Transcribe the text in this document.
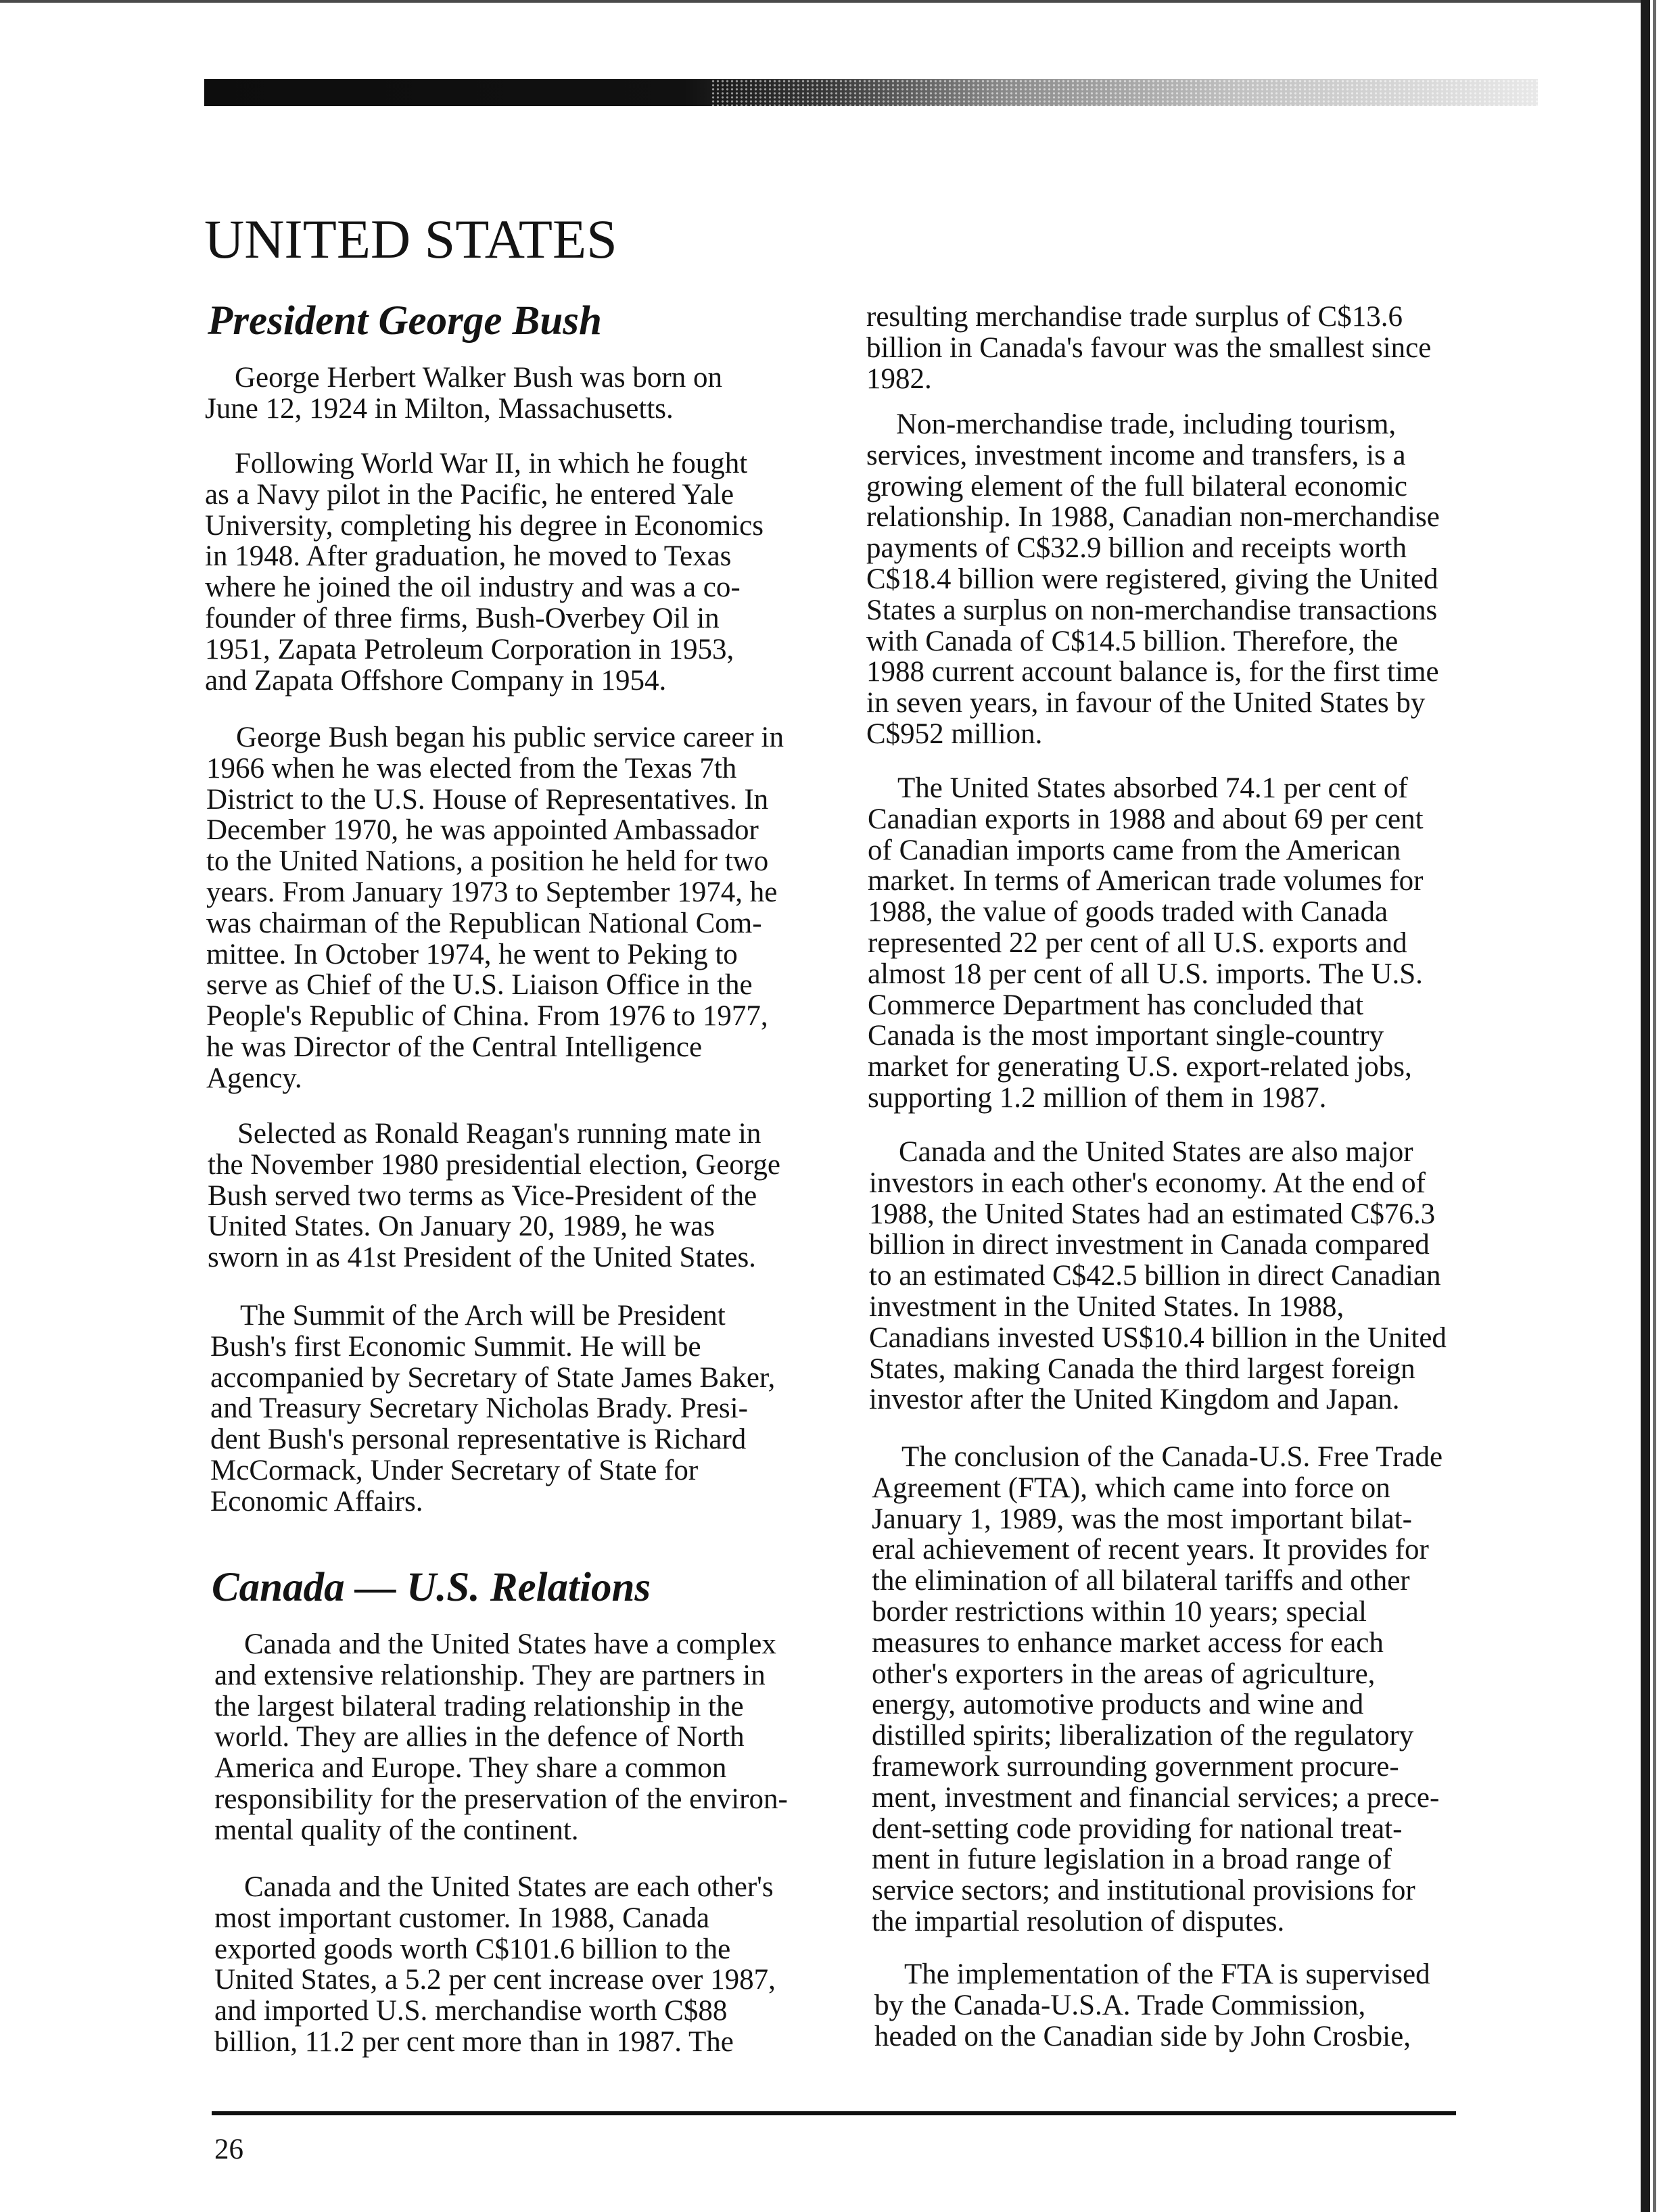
UNITED STATES
President George Bush
George Herbert Walker Bush was born on
June 12, 1924 in Milton, Massachusetts.
Following World War II, in which he fought
as a Navy pilot in the Pacific, he entered Yale
University, completing his degree in Economics
in 1948. After graduation, he moved to Texas
where he joined the oil industry and was a co-
founder of three firms, Bush-Overbey Oil in
1951, Zapata Petroleum Corporation in 1953,
and Zapata Offshore Company in 1954.
George Bush began his public service career in
1966 when he was elected from the Texas 7th
District to the U.S. House of Representatives. In
December 1970, he was appointed Ambassador
to the United Nations, a position he held for two
years. From January 1973 to September 1974, he
was chairman of the Republican National Com-
mittee. In October 1974, he went to Peking to
serve as Chief of the U.S. Liaison Office in the
People's Republic of China. From 1976 to 1977,
he was Director of the Central Intelligence
Agency.
Selected as Ronald Reagan's running mate in
the November 1980 presidential election, George
Bush served two terms as Vice-President of the
United States. On January 20, 1989, he was
sworn in as 41st President of the United States.
The Summit of the Arch will be President
Bush's first Economic Summit. He will be
accompanied by Secretary of State James Baker,
and Treasury Secretary Nicholas Brady. Presi-
dent Bush's personal representative is Richard
McCormack, Under Secretary of State for
Economic Affairs.
Canada — U.S. Relations
Canada and the United States have a complex
and extensive relationship. They are partners in
the largest bilateral trading relationship in the
world. They are allies in the defence of North
America and Europe. They share a common
responsibility for the preservation of the environ-
mental quality of the continent.
Canada and the United States are each other's
most important customer. In 1988, Canada
exported goods worth C$101.6 billion to the
United States, a 5.2 per cent increase over 1987,
and imported U.S. merchandise worth C$88
billion, 11.2 per cent more than in 1987. The
resulting merchandise trade surplus of C$13.6
billion in Canada's favour was the smallest since
1982.
Non-merchandise trade, including tourism,
services, investment income and transfers, is a
growing element of the full bilateral economic
relationship. In 1988, Canadian non-merchandise
payments of C$32.9 billion and receipts worth
C$18.4 billion were registered, giving the United
States a surplus on non-merchandise transactions
with Canada of C$14.5 billion. Therefore, the
1988 current account balance is, for the first time
in seven years, in favour of the United States by
C$952 million.
The United States absorbed 74.1 per cent of
Canadian exports in 1988 and about 69 per cent
of Canadian imports came from the American
market. In terms of American trade volumes for
1988, the value of goods traded with Canada
represented 22 per cent of all U.S. exports and
almost 18 per cent of all U.S. imports. The U.S.
Commerce Department has concluded that
Canada is the most important single-country
market for generating U.S. export-related jobs,
supporting 1.2 million of them in 1987.
Canada and the United States are also major
investors in each other's economy. At the end of
1988, the United States had an estimated C$76.3
billion in direct investment in Canada compared
to an estimated C$42.5 billion in direct Canadian
investment in the United States. In 1988,
Canadians invested US$10.4 billion in the United
States, making Canada the third largest foreign
investor after the United Kingdom and Japan.
The conclusion of the Canada-U.S. Free Trade
Agreement (FTA), which came into force on
January 1, 1989, was the most important bilat-
eral achievement of recent years. It provides for
the elimination of all bilateral tariffs and other
border restrictions within 10 years; special
measures to enhance market access for each
other's exporters in the areas of agriculture,
energy, automotive products and wine and
distilled spirits; liberalization of the regulatory
framework surrounding government procure-
ment, investment and financial services; a prece-
dent-setting code providing for national treat-
ment in future legislation in a broad range of
service sectors; and institutional provisions for
the impartial resolution of disputes.
The implementation of the FTA is supervised
by the Canada-U.S.A. Trade Commission,
headed on the Canadian side by John Crosbie,
26
